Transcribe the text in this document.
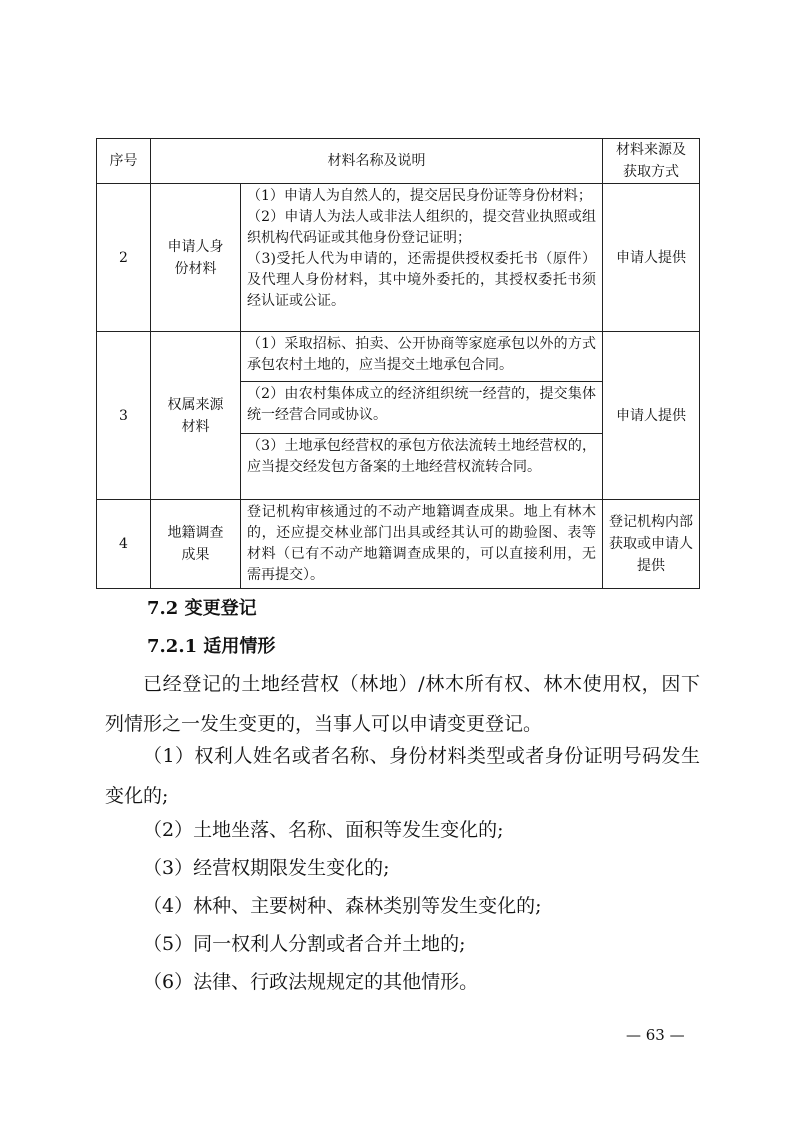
序号	材料名称及说明		材料来源及获取方式
2	申请人身份材料	（1）申请人为自然人的，提交居民身份证等身份材料；
（2）申请人为法人或非法人组织的，提交营业执照或组织机构代码证或其他身份登记证明；
（3)受托人代为申请的，还需提供授权委托书（原件）及代理人身份材料，其中境外委托的，其授权委托书须经认证或公证。	申请人提供
3	权属来源材料	（1）采取招标、拍卖、公开协商等家庭承包以外的方式承包农村土地的，应当提交土地承包合同。	申请人提供
		（2）由农村集体成立的经济组织统一经营的，提交集体统一经营合同或协议。	
		（3）土地承包经营权的承包方依法流转土地经营权的，应当提交经发包方备案的土地经营权流转合同。	
4	地籍调查成果	登记机构审核通过的不动产地籍调查成果。地上有林木的，还应提交林业部门出具或经其认可的勘验图、表等材料（已有不动产地籍调查成果的，可以直接利用，无需再提交）。	登记机构内部获取或申请人提供
7.2 变更登记
7.2.1 适用情形
已经登记的土地经营权（林地）/林木所有权、林木使用权，因下列情形之一发生变更的，当事人可以申请变更登记。
（1）权利人姓名或者名称、身份材料类型或者身份证明号码发生变化的;
（2）土地坐落、名称、面积等发生变化的;
（3）经营权期限发生变化的;
（4）林种、主要树种、森林类别等发生变化的;
（5）同一权利人分割或者合并土地的;
（6）法律、行政法规规定的其他情形。
— 63 —
